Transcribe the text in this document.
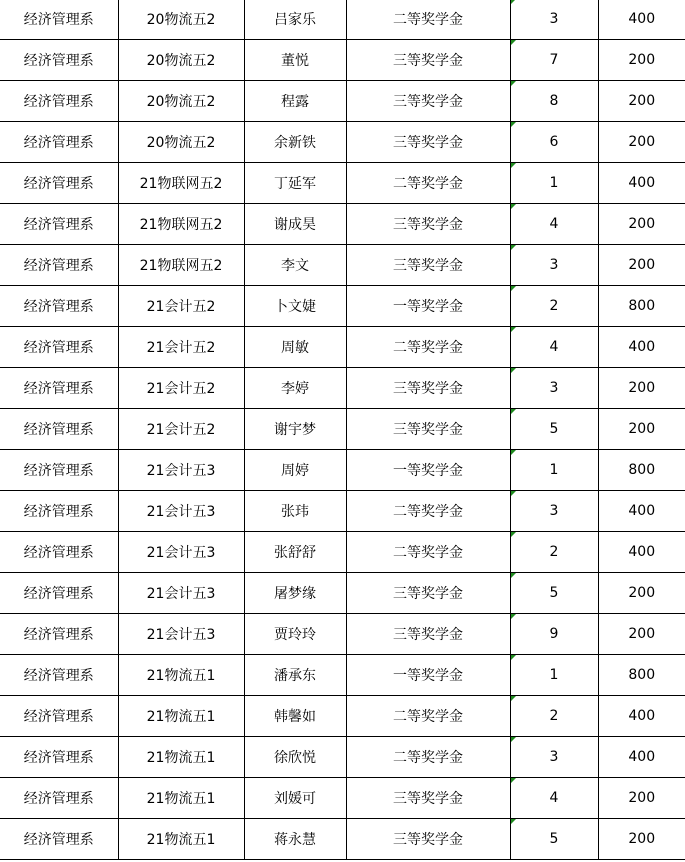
经济管理系	20物流五2	吕家乐	二等奖学金	3	400
经济管理系	20物流五2	董悦	三等奖学金	7	200
经济管理系	20物流五2	程露	三等奖学金	8	200
经济管理系	20物流五2	余新铁	三等奖学金	6	200
经济管理系	21物联网五2	丁延军	二等奖学金	1	400
经济管理系	21物联网五2	谢成昊	三等奖学金	4	200
经济管理系	21物联网五2	李文	三等奖学金	3	200
经济管理系	21会计五2	卜文婕	一等奖学金	2	800
经济管理系	21会计五2	周敏	二等奖学金	4	400
经济管理系	21会计五2	李婷	三等奖学金	3	200
经济管理系	21会计五2	谢宇梦	三等奖学金	5	200
经济管理系	21会计五3	周婷	一等奖学金	1	800
经济管理系	21会计五3	张玮	二等奖学金	3	400
经济管理系	21会计五3	张舒舒	二等奖学金	2	400
经济管理系	21会计五3	屠梦缘	三等奖学金	5	200
经济管理系	21会计五3	贾玲玲	三等奖学金	9	200
经济管理系	21物流五1	潘承东	一等奖学金	1	800
经济管理系	21物流五1	韩馨如	二等奖学金	2	400
经济管理系	21物流五1	徐欣悦	二等奖学金	3	400
经济管理系	21物流五1	刘媛可	三等奖学金	4	200
经济管理系	21物流五1	蒋永慧	三等奖学金	5	200
